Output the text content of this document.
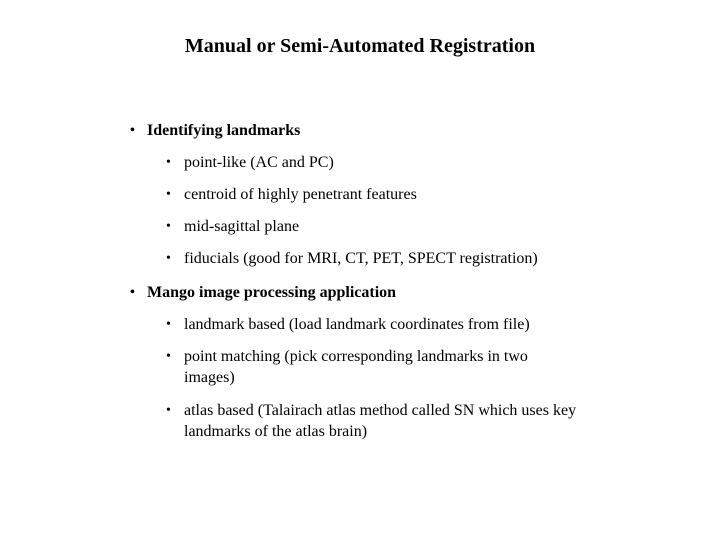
Manual or Semi-Automated Registration
• Identifying landmarks
• point-like (AC and PC)
• centroid of highly penetrant features
• mid-sagittal plane
• fiducials (good for MRI, CT, PET, SPECT registration)
• Mango image processing application
• landmark based (load landmark coordinates from file)
• point matching (pick corresponding landmarks in two images)
• atlas based (Talairach atlas method called SN which uses key landmarks of the atlas brain)
